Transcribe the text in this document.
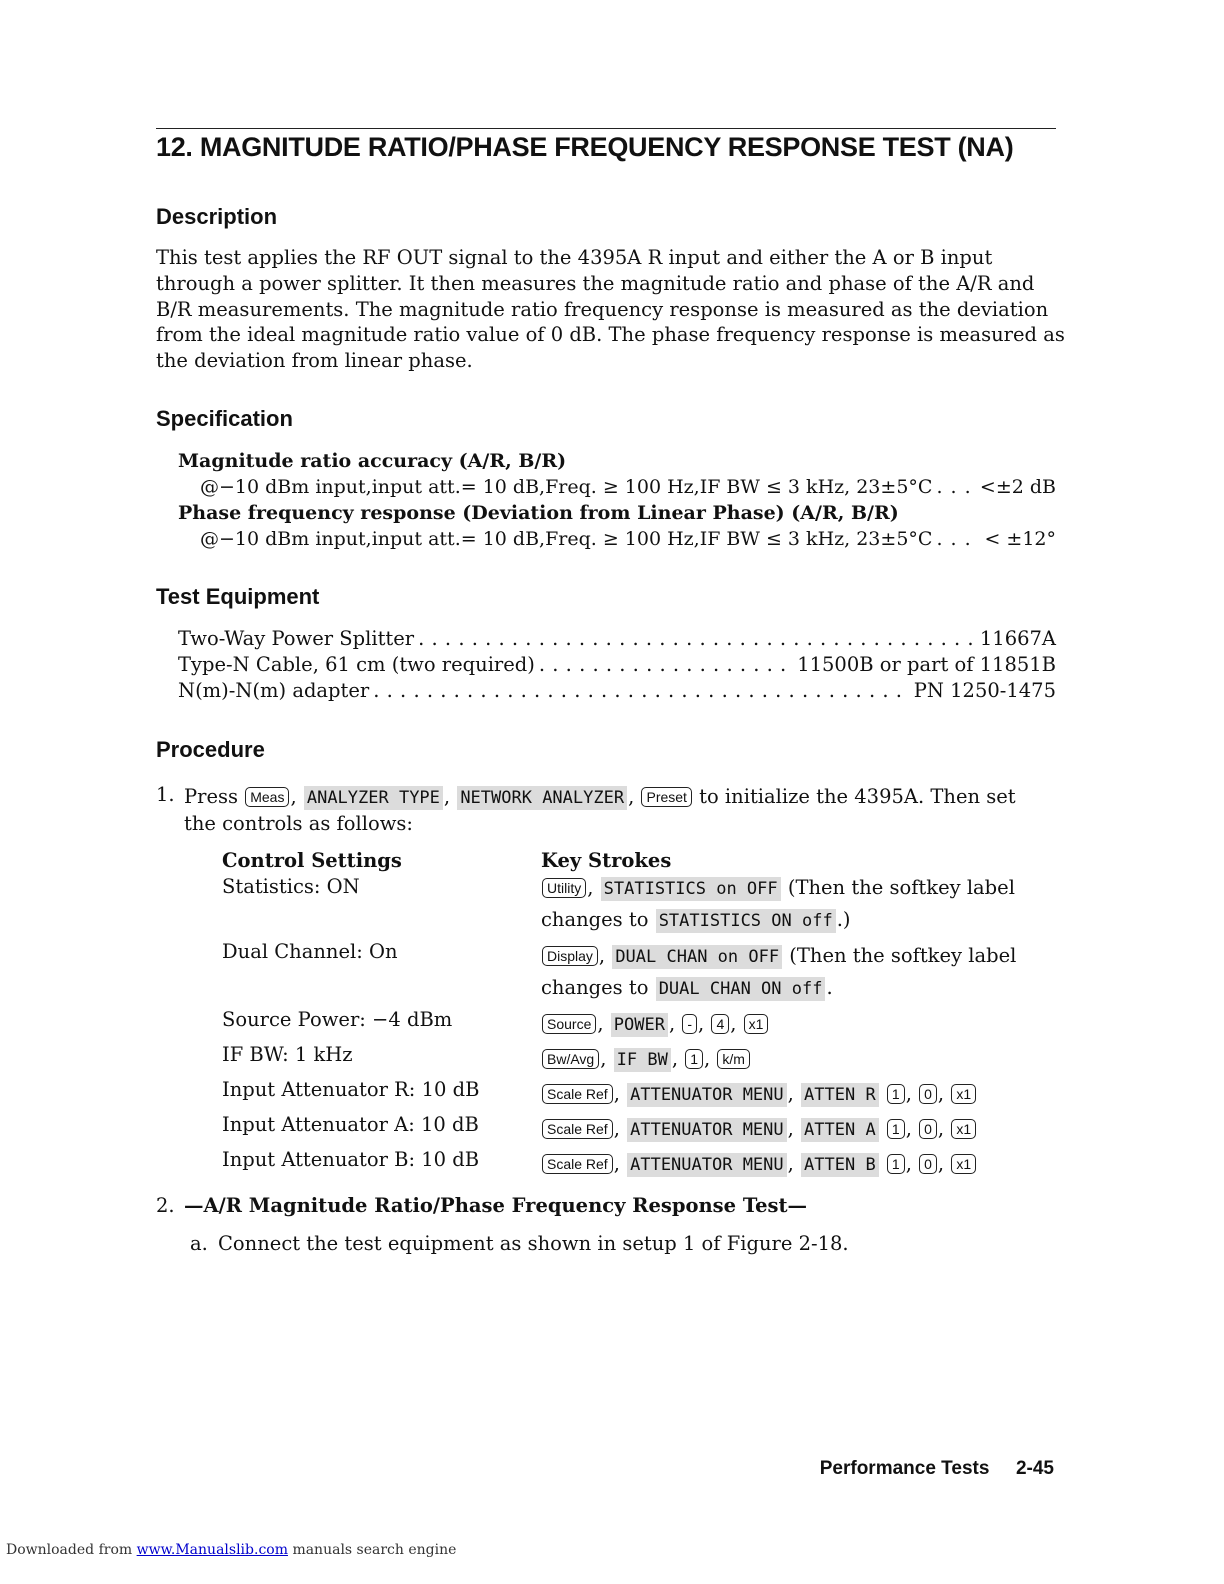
12. MAGNITUDE RATIO/PHASE FREQUENCY RESPONSE TEST (NA)
Description
This test applies the RF OUT signal to the 4395A R input and either the A or B input
through a power splitter. It then measures the magnitude ratio and phase of the A/R and
B/R measurements. The magnitude ratio frequency response is measured as the deviation
from the ideal magnitude ratio value of 0 dB. The phase frequency response is measured as
the deviation from linear phase.
Specification
Magnitude ratio accuracy (A/R, B/R)
@−10 dBm input,input att.= 10 dB,Freq. ≥ 100 Hz,IF BW ≤ 3 kHz, 23±5°C . . . <±2 dB
Phase frequency response (Deviation from Linear Phase) (A/R, B/R)
@−10 dBm input,input att.= 10 dB,Freq. ≥ 100 Hz,IF BW ≤ 3 kHz, 23±5°C . . .	< ±12°
Test Equipment
Two-Way Power Splitter . . .	11667A
Type-N Cable, 61 cm (two required) . . .	11500B or part of 11851B
N(m)-N(m) adapter . . .	PN 1250-1475
Procedure
1. Press Meas , ANALYZER TYPE , NETWORK ANALYZER , Preset to initialize the 4395A. Then set
the controls as follows:
Control Settings	Key Strokes
Statistics: ON	Utility , STATISTICS on OFF (Then the softkey label
changes to STATISTICS ON off .)
Dual Channel: On	Display , DUAL CHAN on OFF (Then the softkey label
changes to DUAL CHAN ON off .
Source Power: −4 dBm	Source , POWER , - , 4 , x1
IF BW: 1 kHz	Bw/Avg , IF BW , 1 , k/m
Input Attenuator R: 10 dB	Scale Ref , ATTENUATOR MENU , ATTEN R 1 , 0 , x1
Input Attenuator A: 10 dB	Scale Ref , ATTENUATOR MENU , ATTEN A 1 , 0 , x1
Input Attenuator B: 10 dB	Scale Ref , ATTENUATOR MENU , ATTEN B 1 , 0 , x1
2. —A/R Magnitude Ratio/Phase Frequency Response Test—
a. Connect the test equipment as shown in setup 1 of Figure 2-18.
Performance Tests 2-45
Downloaded from www.Manualslib.com manuals search engine
